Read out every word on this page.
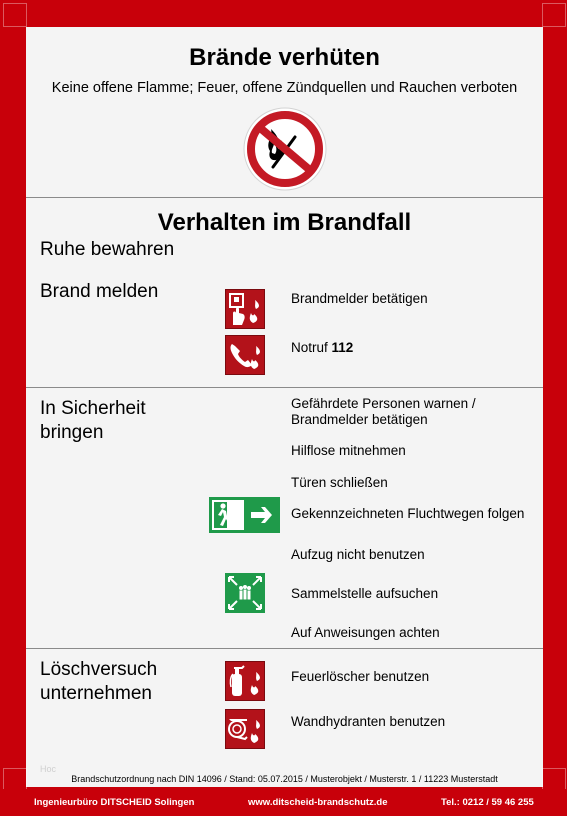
Brände verhüten
Keine offene Flamme; Feuer, offene Zündquellen und Rauchen verboten
Verhalten im Brandfall
Ruhe bewahren
Brand melden	Brandmelder betätigen
Notruf 112
In Sicherheit
bringen
Gefährdete Personen warnen /
Brandmelder betätigen
Hilflose mitnehmen
Türen schließen
Gekennzeichneten Fluchtwegen folgen
Aufzug nicht benutzen
Sammelstelle aufsuchen
Auf Anweisungen achten
Löschversuch
unternehmen
Feuerlöscher benutzen
Wandhydranten benutzen
Hoc
Brandschutzordnung nach DIN 14096 / Stand: 05.07.2015 / Musterobjekt / Musterstr. 1 / 11223 Musterstadt
Ingenieurbüro DITSCHEID Solingen	www.ditscheid-brandschutz.de	Tel.: 0212 / 59 46 255
